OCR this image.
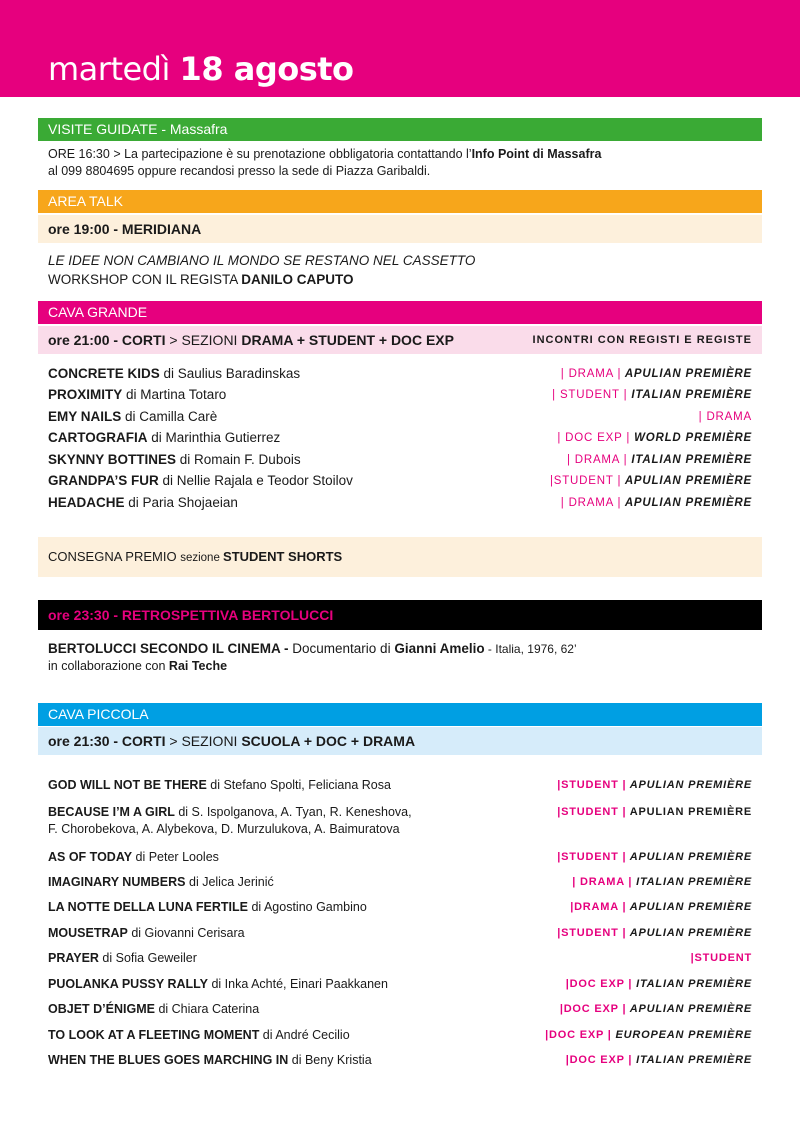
martedì 18 agosto
VISITE GUIDATE - Massafra
ORE 16:30 > La partecipazione è su prenotazione obbligatoria contattando l’Info Point di Massafra
al 099 8804695 oppure recandosi presso la sede di Piazza Garibaldi.
AREA TALK
ore 19:00 - MERIDIANA
LE IDEE NON CAMBIANO IL MONDO SE RESTANO NEL CASSETTO
WORKSHOP CON IL REGISTA DANILO CAPUTO
CAVA GRANDE
ore 21:00 - CORTI > SEZIONI DRAMA + STUDENT + DOC EXP	INCONTRI CON REGISTI E REGISTE
CONCRETE KIDS di Saulius Baradinskas	| DRAMA | APULIAN PREMIÈRE
PROXIMITY di Martina Totaro	| STUDENT | ITALIAN PREMIÈRE
EMY NAILS di Camilla Carè	| DRAMA
CARTOGRAFIA di Marinthia Gutierrez	| DOC EXP | WORLD PREMIÈRE
SKYNNY BOTTINES di Romain F. Dubois	| DRAMA | ITALIAN PREMIÈRE
GRANDPA’S FUR di Nellie Rajala e Teodor Stoilov	|STUDENT | APULIAN PREMIÈRE
HEADACHE di Paria Shojaeian	| DRAMA | APULIAN PREMIÈRE
CONSEGNA PREMIO sezione STUDENT SHORTS
ore 23:30 - RETROSPETTIVA BERTOLUCCI
BERTOLUCCI SECONDO IL CINEMA - Documentario di Gianni Amelio - Italia, 1976, 62’
in collaborazione con Rai Teche
CAVA PICCOLA
ore 21:30 - CORTI > SEZIONI SCUOLA + DOC + DRAMA
GOD WILL NOT BE THERE di Stefano Spolti, Feliciana Rosa	|STUDENT | APULIAN PREMIÈRE
BECAUSE I’M A GIRL di S. Ispolganova, A. Tyan, R. Keneshova,
F. Chorobekova, A. Alybekova, D. Murzulukova, A. Baimuratova
|STUDENT | APULIAN PREMIÈRE
AS OF TODAY di Peter Looles	|STUDENT | APULIAN PREMIÈRE
IMAGINARY NUMBERS di Jelica Jerinić	| DRAMA | ITALIAN PREMIÈRE
LA NOTTE DELLA LUNA FERTILE di Agostino Gambino	|DRAMA | APULIAN PREMIÈRE
MOUSETRAP di Giovanni Cerisara	|STUDENT | APULIAN PREMIÈRE
PRAYER di Sofia Geweiler	|STUDENT
PUOLANKA PUSSY RALLY di Inka Achté, Einari Paakkanen	|DOC EXP | ITALIAN PREMIÈRE
OBJET D’ÉNIGME di Chiara Caterina	|DOC EXP | APULIAN PREMIÈRE
TO LOOK AT A FLEETING MOMENT di André Cecilio	|DOC EXP | EUROPEAN PREMIÈRE
WHEN THE BLUES GOES MARCHING IN di Beny Kristia	|DOC EXP | ITALIAN PREMIÈRE
